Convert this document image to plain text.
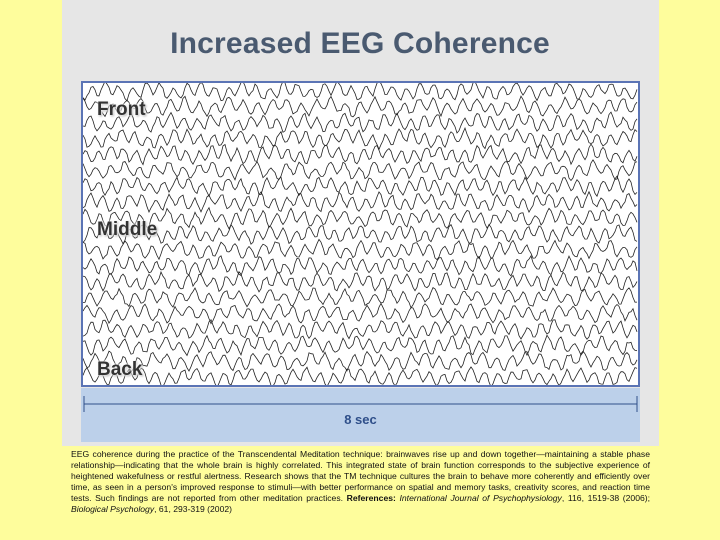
Increased EEG Coherence
Front
Middle
Back
8 sec
EEG coherence during the practice of the Transcendental Meditation technique: brainwaves rise up and down together—maintaining a stable phase relationship—indicating that the whole brain is highly correlated. This integrated state of brain function corresponds to the subjective experience of heightened wakefulness or restful alertness. Research shows that the TM technique cultures the brain to behave more coherently and efficiently over time, as seen in a person's improved response to stimuli—with better performance on spatial and memory tasks, creativity scores, and reaction time tests. Such findings are not reported from other meditation practices. References: International Journal of Psychophysiology, 116, 1519-38 (2006); Biological Psychology, 61, 293-319 (2002)
